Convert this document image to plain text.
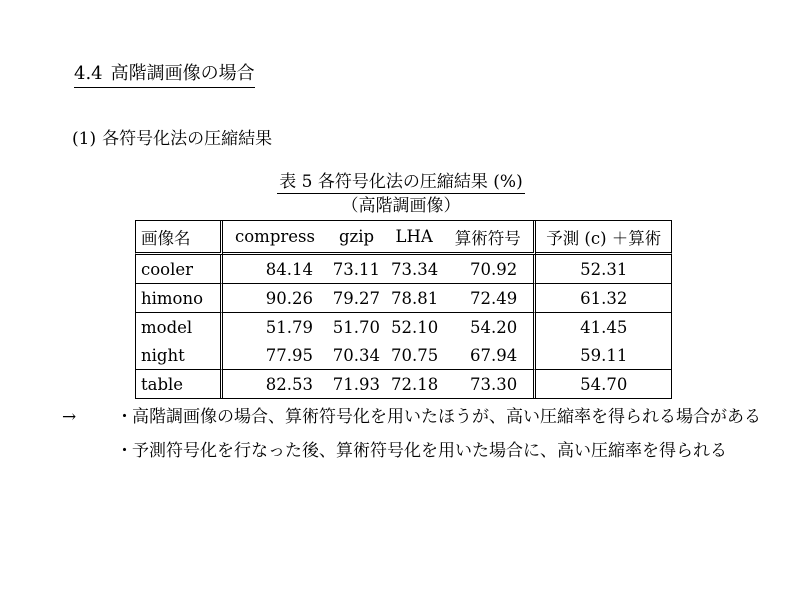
4.4 高階調画像の場合
(1) 各符号化法の圧縮結果
表 5 各符号化法の圧縮結果 (%)
（高階調画像）
画像名	compress	gzip	LHA	算術符号	予測 (c) ＋算術
cooler	84.14	73.11	73.34	70.92	52.31
himono	90.26	79.27	78.81	72.49	61.32
model	51.79	51.70	52.10	54.20	41.45
night	77.95	70.34	70.75	67.94	59.11
table	82.53	71.93	72.18	73.30	54.70
→ ・ 高階調画像の場合、算術符号化を用いたほうが、高い圧縮率を得られる場合がある
・ 予測符号化を行なった後、算術符号化を用いた場合に、高い圧縮率を得られる
